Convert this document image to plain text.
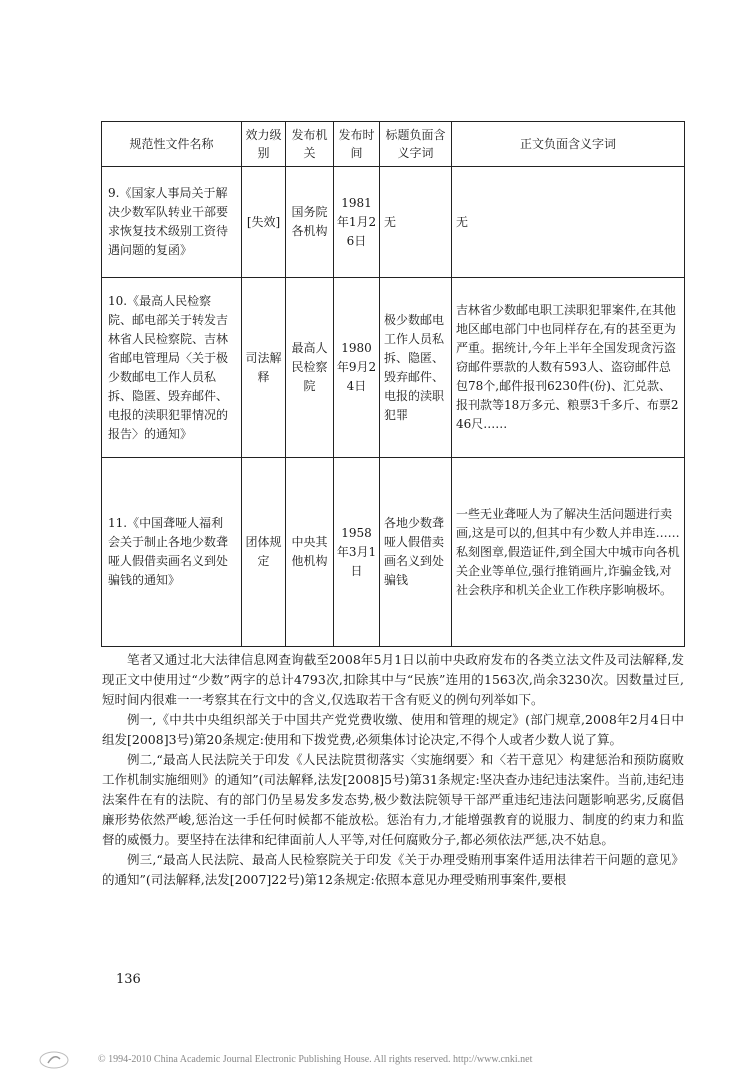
规范性文件名称	效力级别	发布机关	发布时间	标题负面含义字词	正文负面含义字词
9.《国家人事局关于解决少数军队转业干部要求恢复技术级别工资待遇问题的复函》	[失效]	国务院各机构	1981年1月26日	无	无
10.《最高人民检察院、邮电部关于转发吉林省人民检察院、吉林省邮电管理局〈关于极少数邮电工作人员私拆、隐匿、毁弃邮件、电报的渎职犯罪情况的报告〉的通知》	司法解释	最高人民检察院	1980年9月24日	极少数邮电工作人员私拆、隐匿、毁弃邮件、电报的渎职犯罪	吉林省少数邮电职工渎职犯罪案件,在其他地区邮电部门中也同样存在,有的甚至更为严重。据统计,今年上半年全国发现贪污盗窃邮件票款的人数有593人、盗窃邮件总包78个,邮件报刊6230件(份)、汇兑款、报刊款等18万多元、粮票3千多斤、布票246尺……
11.《中国聋哑人福利会关于制止各地少数聋哑人假借卖画名义到处骗钱的通知》	团体规定	中央其他机构	1958年3月1日	各地少数聋哑人假借卖画名义到处骗钱	一些无业聋哑人为了解决生活问题进行卖画,这是可以的,但其中有少数人并串连……私刻图章,假造证件,到全国大中城市向各机关企业等单位,强行推销画片,诈骗金钱,对社会秩序和机关企业工作秩序影响极坏。

笔者又通过北大法律信息网查询截至2008年5月1日以前中央政府发布的各类立法文件及司法解释,发现正文中使用过“少数”两字的总计4793次,扣除其中与“民族”连用的1563次,尚余3230次。因数量过巨,短时间内很难一一考察其在行文中的含义,仅选取若干含有贬义的例句列举如下。

例一,《中共中央组织部关于中国共产党党费收缴、使用和管理的规定》(部门规章,2008年2月4日中组发[2008]3号)第20条规定:使用和下拨党费,必须集体讨论决定,不得个人或者少数人说了算。

例二,“最高人民法院关于印发《人民法院贯彻落实〈实施纲要〉和〈若干意见〉构建惩治和预防腐败工作机制实施细则》的通知”(司法解释,法发[2008]5号)第31条规定:坚决查办违纪违法案件。当前,违纪违法案件在有的法院、有的部门仍呈易发多发态势,极少数法院领导干部严重违纪违法问题影响恶劣,反腐倡廉形势依然严峻,惩治这一手任何时候都不能放松。惩治有力,才能增强教育的说服力、制度的约束力和监督的威慑力。要坚持在法律和纪律面前人人平等,对任何腐败分子,都必须依法严惩,决不姑息。

例三,“最高人民法院、最高人民检察院关于印发《关于办理受贿刑事案件适用法律若干问题的意见》的通知”(司法解释,法发[2007]22号)第12条规定:依照本意见办理受贿刑事案件,要根

136
© 1994-2010 China Academic Journal Electronic Publishing House. All rights reserved. http://www.cnki.net
